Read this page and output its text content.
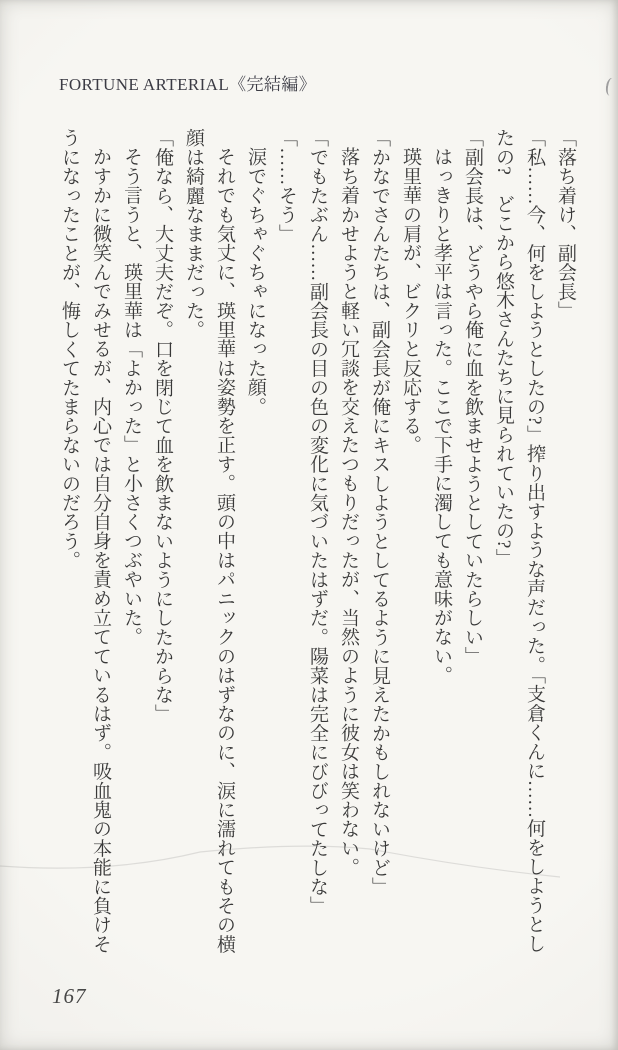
FORTUNE ARTERIAL《完結編》

「落ち着け、副会長」

「私……今、何をしようとしたの?」搾り出すような声だった。「支倉くんに……何をしようとしたの?　どこから悠木さんたちに見られていたの?」

「副会長は、どうやら俺に血を飲ませようとしていたらしい」

はっきりと孝平は言った。ここで下手に濁しても意味がない。

瑛里華の肩が、ビクリと反応する。

「かなでさんたちは、副会長が俺にキスしようとしてるように見えたかもしれないけど」

落ち着かせようと軽い冗談を交えたつもりだったが、当然のように彼女は笑わない。

「でもたぶん……副会長の目の色の変化に気づいたはずだ。陽菜は完全にびびってたしな」

「……そう」

涙でぐちゃぐちゃになった顔。

それでも気丈に、瑛里華は姿勢を正す。頭の中はパニックのはずなのに、涙に濡れてもその横顔は綺麗なままだった。

「俺なら、大丈夫だぞ。口を閉じて血を飲まないようにしたからな」

そう言うと、瑛里華は「よかった」と小さくつぶやいた。

かすかに微笑んでみせるが、内心では自分自身を責め立てているはず。吸血鬼の本能に負けそうになったことが、悔しくてたまらないのだろう。

167
